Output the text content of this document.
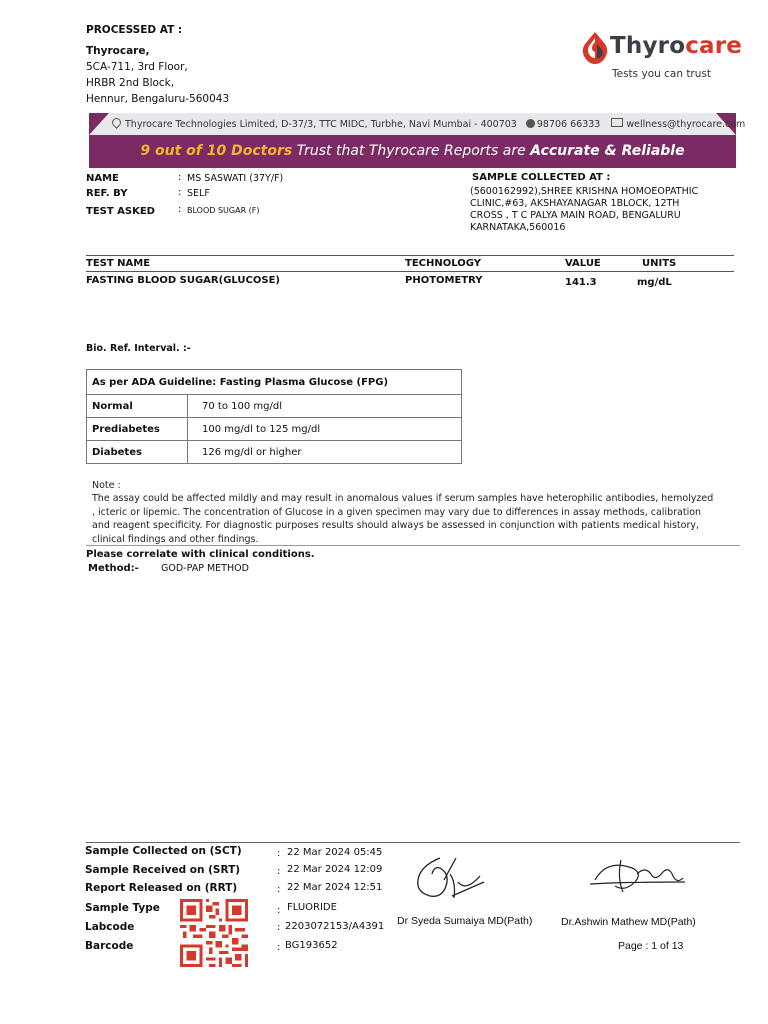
PROCESSED AT :
Thyrocare,
5CA-711, 3rd Floor,
HRBR 2nd Block,
Hennur, Bengaluru-560043
Thyrocare
Tests you can trust
Thyrocare Technologies Limited, D-37/3, TTC MIDC, Turbhe, Navi Mumbai - 400703 98706 66333	wellness@thyrocare.com
9 out of 10 Doctors Trust that Thyrocare Reports are Accurate & Reliable
NAME	: MS SASWATI (37Y/F)
REF. BY	: SELF
TEST ASKED : BLOOD SUGAR (F)
SAMPLE COLLECTED AT :
(5600162992),SHREE KRISHNA HOMOEOPATHIC
CLINIC,#63, AKSHAYANAGAR 1BLOCK, 12TH
CROSS , T C PALYA MAIN ROAD, BENGALURU
KARNATAKA,560016
TEST NAME	TECHNOLOGY	VALUE	UNITS
FASTING BLOOD SUGAR(GLUCOSE)	PHOTOMETRY	141.3	mg/dL
Bio. Ref. Interval. :-
As per ADA Guideline: Fasting Plasma Glucose (FPG)	
Normal	70 to 100 mg/dl
Prediabetes	100 mg/dl to 125 mg/dl
Diabetes	126 mg/dl or higher
Note :
The assay could be affected mildly and may result in anomalous values if serum samples have heterophilic antibodies, hemolyzed , icteric or lipemic. The concentration of Glucose in a given specimen may vary due to differences in assay methods, calibration and reagent specificity. For diagnostic purposes results should always be assessed in conjunction with patients medical history, clinical findings and other findings.
Please correlate with clinical conditions.
Method:- GOD-PAP METHOD
Sample Collected on (SCT)	: 22 Mar 2024 05:45
Sample Received on (SRT)	: 22 Mar 2024 12:09
Report Released on (RRT)	: 22 Mar 2024 12:51
Sample Type	: FLUORIDE
Labcode	: 2203072153/A4391
Barcode	: BG193652
Dr Syeda Sumaiya MD(Path)	Dr.Ashwin Mathew MD(Path)
Page : 1 of 13
